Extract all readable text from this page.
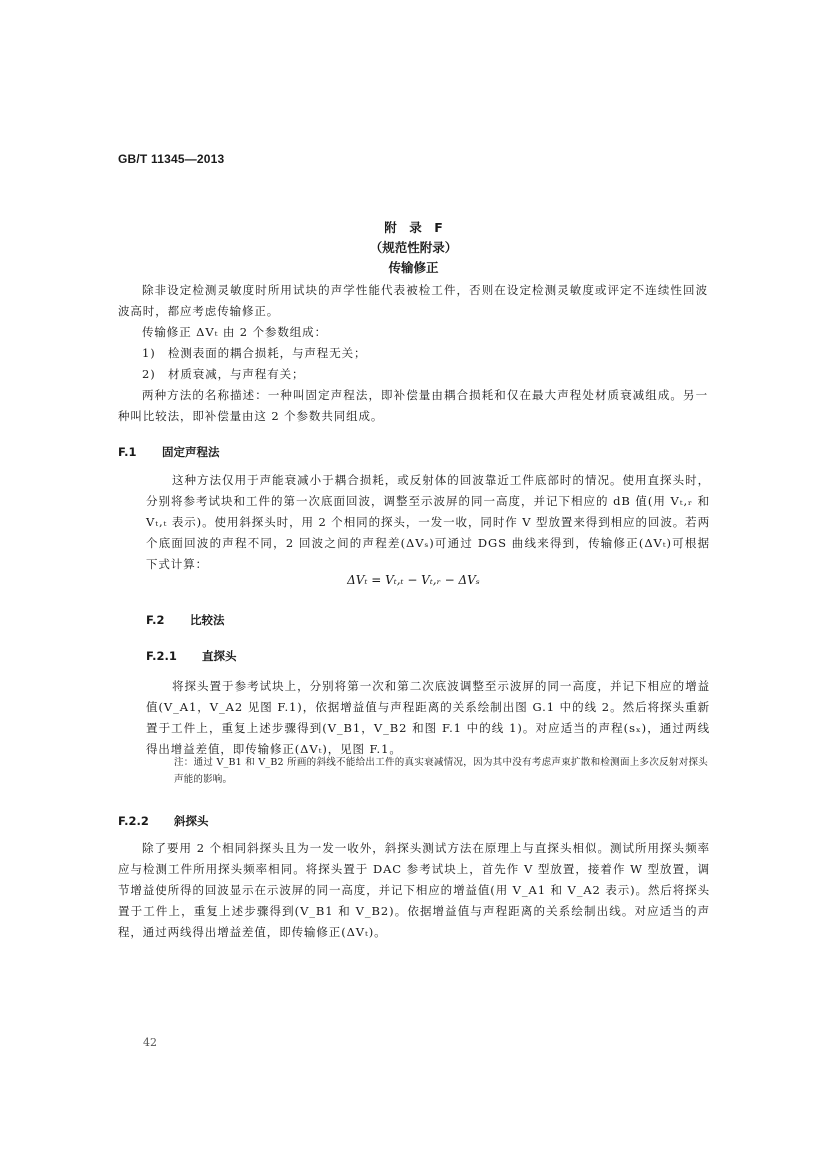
GB/T 11345—2013
附　录　F
（规范性附录）
传输修正
除非设定检测灵敏度时所用试块的声学性能代表被检工件，否则在设定检测灵敏度或评定不连续性回波波高时，都应考虑传输修正。
传输修正 ΔVₜ 由 2 个参数组成：
1)　检测表面的耦合损耗，与声程无关；
2)　材质衰减，与声程有关；
两种方法的名称描述：一种叫固定声程法，即补偿量由耦合损耗和仅在最大声程处材质衰减组成。另一种叫比较法，即补偿量由这 2 个参数共同组成。
F.1 固定声程法
这种方法仅用于声能衰减小于耦合损耗，或反射体的回波靠近工件底部时的情况。使用直探头时，分别将参考试块和工件的第一次底面回波，调整至示波屏的同一高度，并记下相应的 dB 值(用 Vₜ,ᵣ 和 Vₜ,ₜ 表示)。使用斜探头时，用 2 个相同的探头，一发一收，同时作 V 型放置来得到相应的回波。若两个底面回波的声程不同，2 回波之间的声程差(ΔVₛ)可通过 DGS 曲线来得到，传输修正(ΔVₜ)可根据下式计算：
ΔVₜ = Vₜ,ₜ − Vₜ,ᵣ − ΔVₛ
F.2 比较法
F.2.1 直探头
将探头置于参考试块上，分别将第一次和第二次底波调整至示波屏的同一高度，并记下相应的增益值(V_A1，V_A2 见图 F.1)，依据增益值与声程距离的关系绘制出图 G.1 中的线 2。然后将探头重新置于工件上，重复上述步骤得到(V_B1，V_B2 和图 F.1 中的线 1)。对应适当的声程(sₓ)，通过两线得出增益差值，即传输修正(ΔVₜ)，见图 F.1。
注：通过 V_B1 和 V_B2 所画的斜线不能给出工件的真实衰减情况，因为其中没有考虑声束扩散和检测面上多次反射对探头声能的影响。
F.2.2 斜探头
除了要用 2 个相同斜探头且为一发一收外，斜探头测试方法在原理上与直探头相似。测试所用探头频率应与检测工件所用探头频率相同。将探头置于 DAC 参考试块上，首先作 V 型放置，接着作 W 型放置，调节增益使所得的回波显示在示波屏的同一高度，并记下相应的增益值(用 V_A1 和 V_A2 表示)。然后将探头置于工件上，重复上述步骤得到(V_B1 和 V_B2)。依据增益值与声程距离的关系绘制出线。对应适当的声程，通过两线得出增益差值，即传输修正(ΔVₜ)。
42
